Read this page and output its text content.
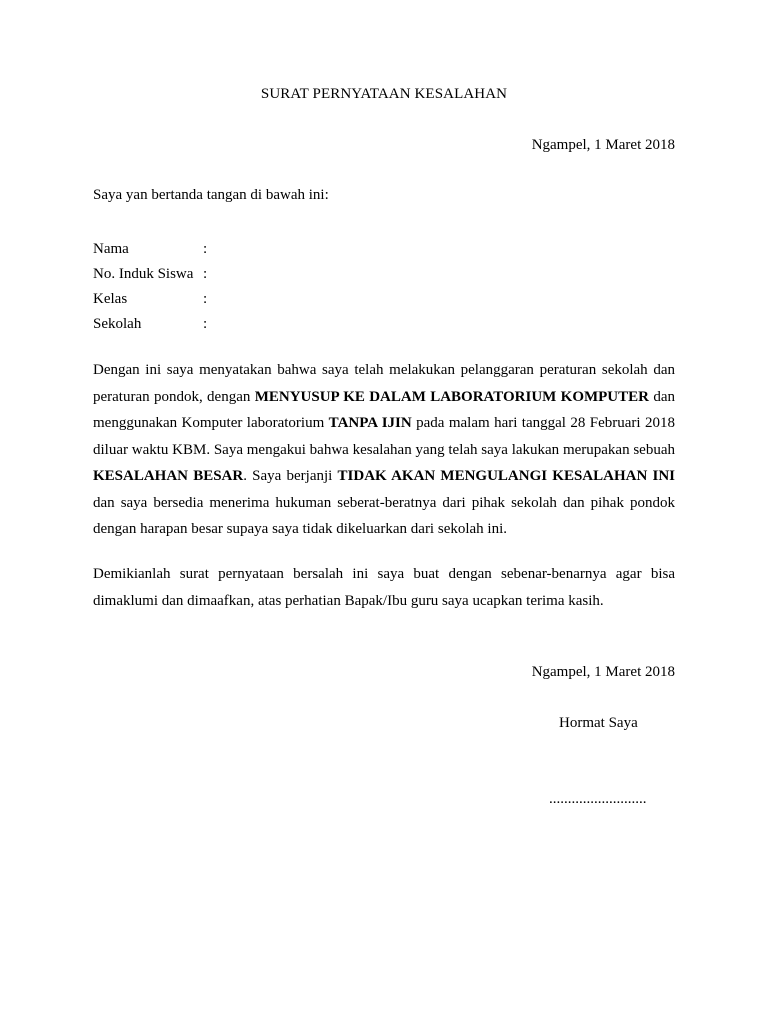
SURAT PERNYATAAN KESALAHAN
Ngampel, 1 Maret 2018
Saya yan bertanda tangan di bawah ini:
Nama	:
No. Induk Siswa :
Kelas	:
Sekolah	:
Dengan ini saya menyatakan bahwa saya telah melakukan pelanggaran peraturan sekolah dan peraturan pondok, dengan MENYUSUP KE DALAM LABORATORIUM KOMPUTER dan menggunakan Komputer laboratorium TANPA IJIN pada malam hari tanggal 28 Februari 2018 diluar waktu KBM. Saya mengakui bahwa kesalahan yang telah saya lakukan merupakan sebuah KESALAHAN BESAR. Saya berjanji TIDAK AKAN MENGULANGI KESALAHAN INI dan saya bersedia menerima hukuman seberat-beratnya dari pihak sekolah dan pihak pondok dengan harapan besar supaya saya tidak dikeluarkan dari sekolah ini.
Demikianlah surat pernyataan bersalah ini saya buat dengan sebenar-benarnya agar bisa dimaklumi dan dimaafkan, atas perhatian Bapak/Ibu guru saya ucapkan terima kasih.
Ngampel, 1 Maret 2018
Hormat Saya
..........................
